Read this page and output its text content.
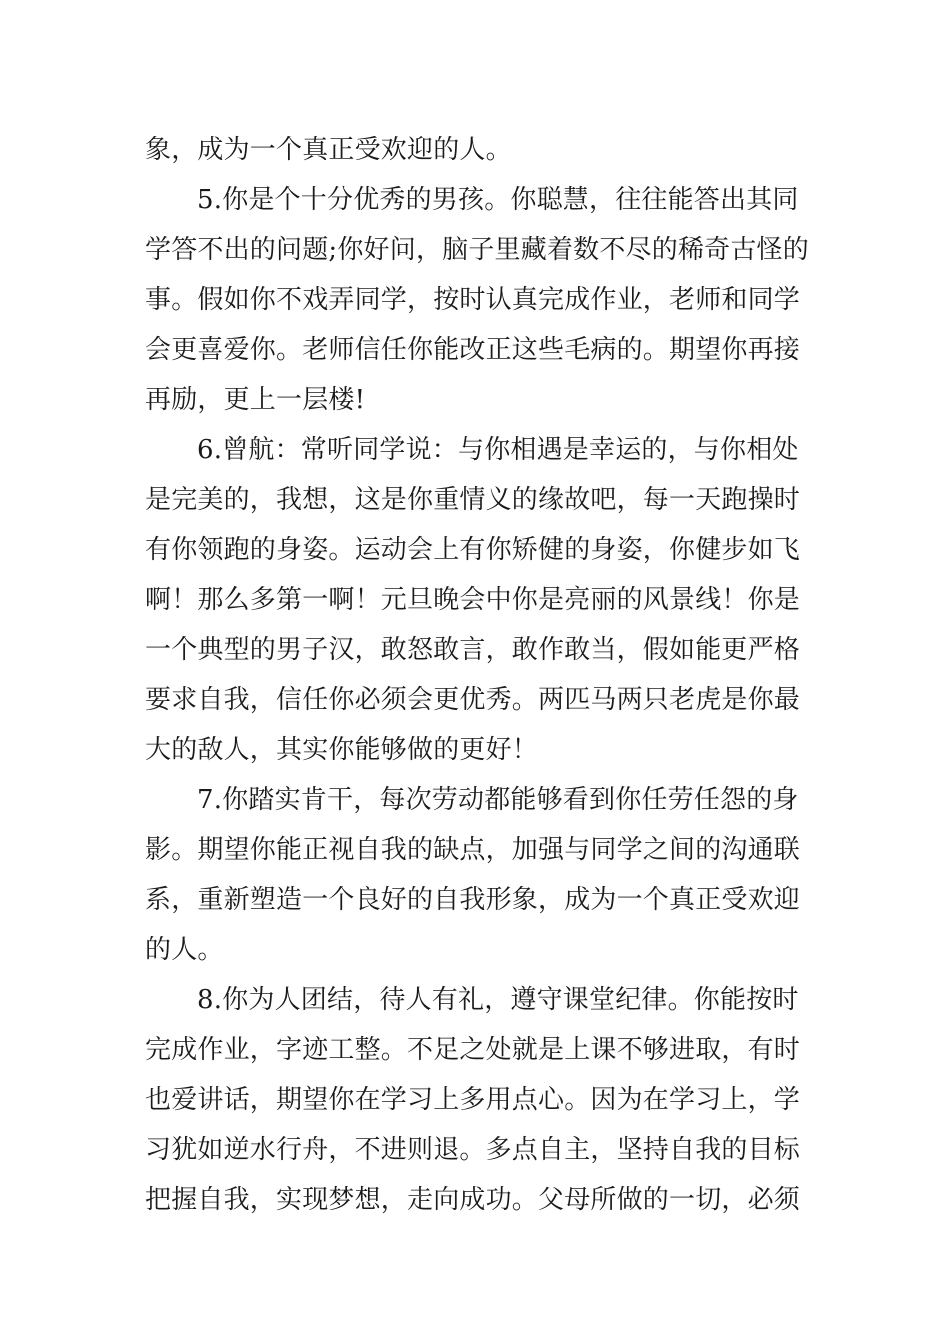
象，成为一个真正受欢迎的人。
5.你是个十分优秀的男孩。你聪慧，往往能答出其同
学答不出的问题;你好问，脑子里藏着数不尽的稀奇古怪的
事。假如你不戏弄同学，按时认真完成作业，老师和同学
会更喜爱你。老师信任你能改正这些毛病的。期望你再接
再励，更上一层楼!
6.曾航：常听同学说：与你相遇是幸运的，与你相处
是完美的，我想，这是你重情义的缘故吧，每一天跑操时
有你领跑的身姿。运动会上有你矫健的身姿，你健步如飞
啊！那么多第一啊！元旦晚会中你是亮丽的风景线！你是
一个典型的男子汉，敢怒敢言，敢作敢当，假如能更严格
要求自我，信任你必须会更优秀。两匹马两只老虎是你最
大的敌人，其实你能够做的更好！
7.你踏实肯干，每次劳动都能够看到你任劳任怨的身
影。期望你能正视自我的缺点，加强与同学之间的沟通联
系，重新塑造一个良好的自我形象，成为一个真正受欢迎
的人。
8.你为人团结，待人有礼，遵守课堂纪律。你能按时
完成作业，字迹工整。不足之处就是上课不够进取，有时
也爱讲话，期望你在学习上多用点心。因为在学习上，学
习犹如逆水行舟，不进则退。多点自主，坚持自我的目标
把握自我，实现梦想，走向成功。父母所做的一切，必须
